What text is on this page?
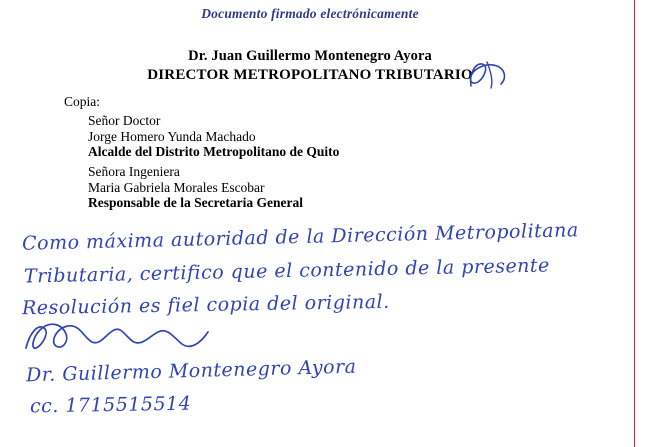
Documento firmado electrónicamente
Dr. Juan Guillermo Montenegro Ayora
DIRECTOR METROPOLITANO TRIBUTARIO
Copia:
Señor Doctor
Jorge Homero Yunda Machado
Alcalde del Distrito Metropolitano de Quito
Señora Ingeniera
Maria Gabriela Morales Escobar
Responsable de la Secretaria General
Como máxima autoridad de la Dirección Metropolitana
Tributaria, certifico que el contenido de la presente
Resolución es fiel copia del original.
Dr. Guillermo Montenegro Ayora
cc. 1715515514
